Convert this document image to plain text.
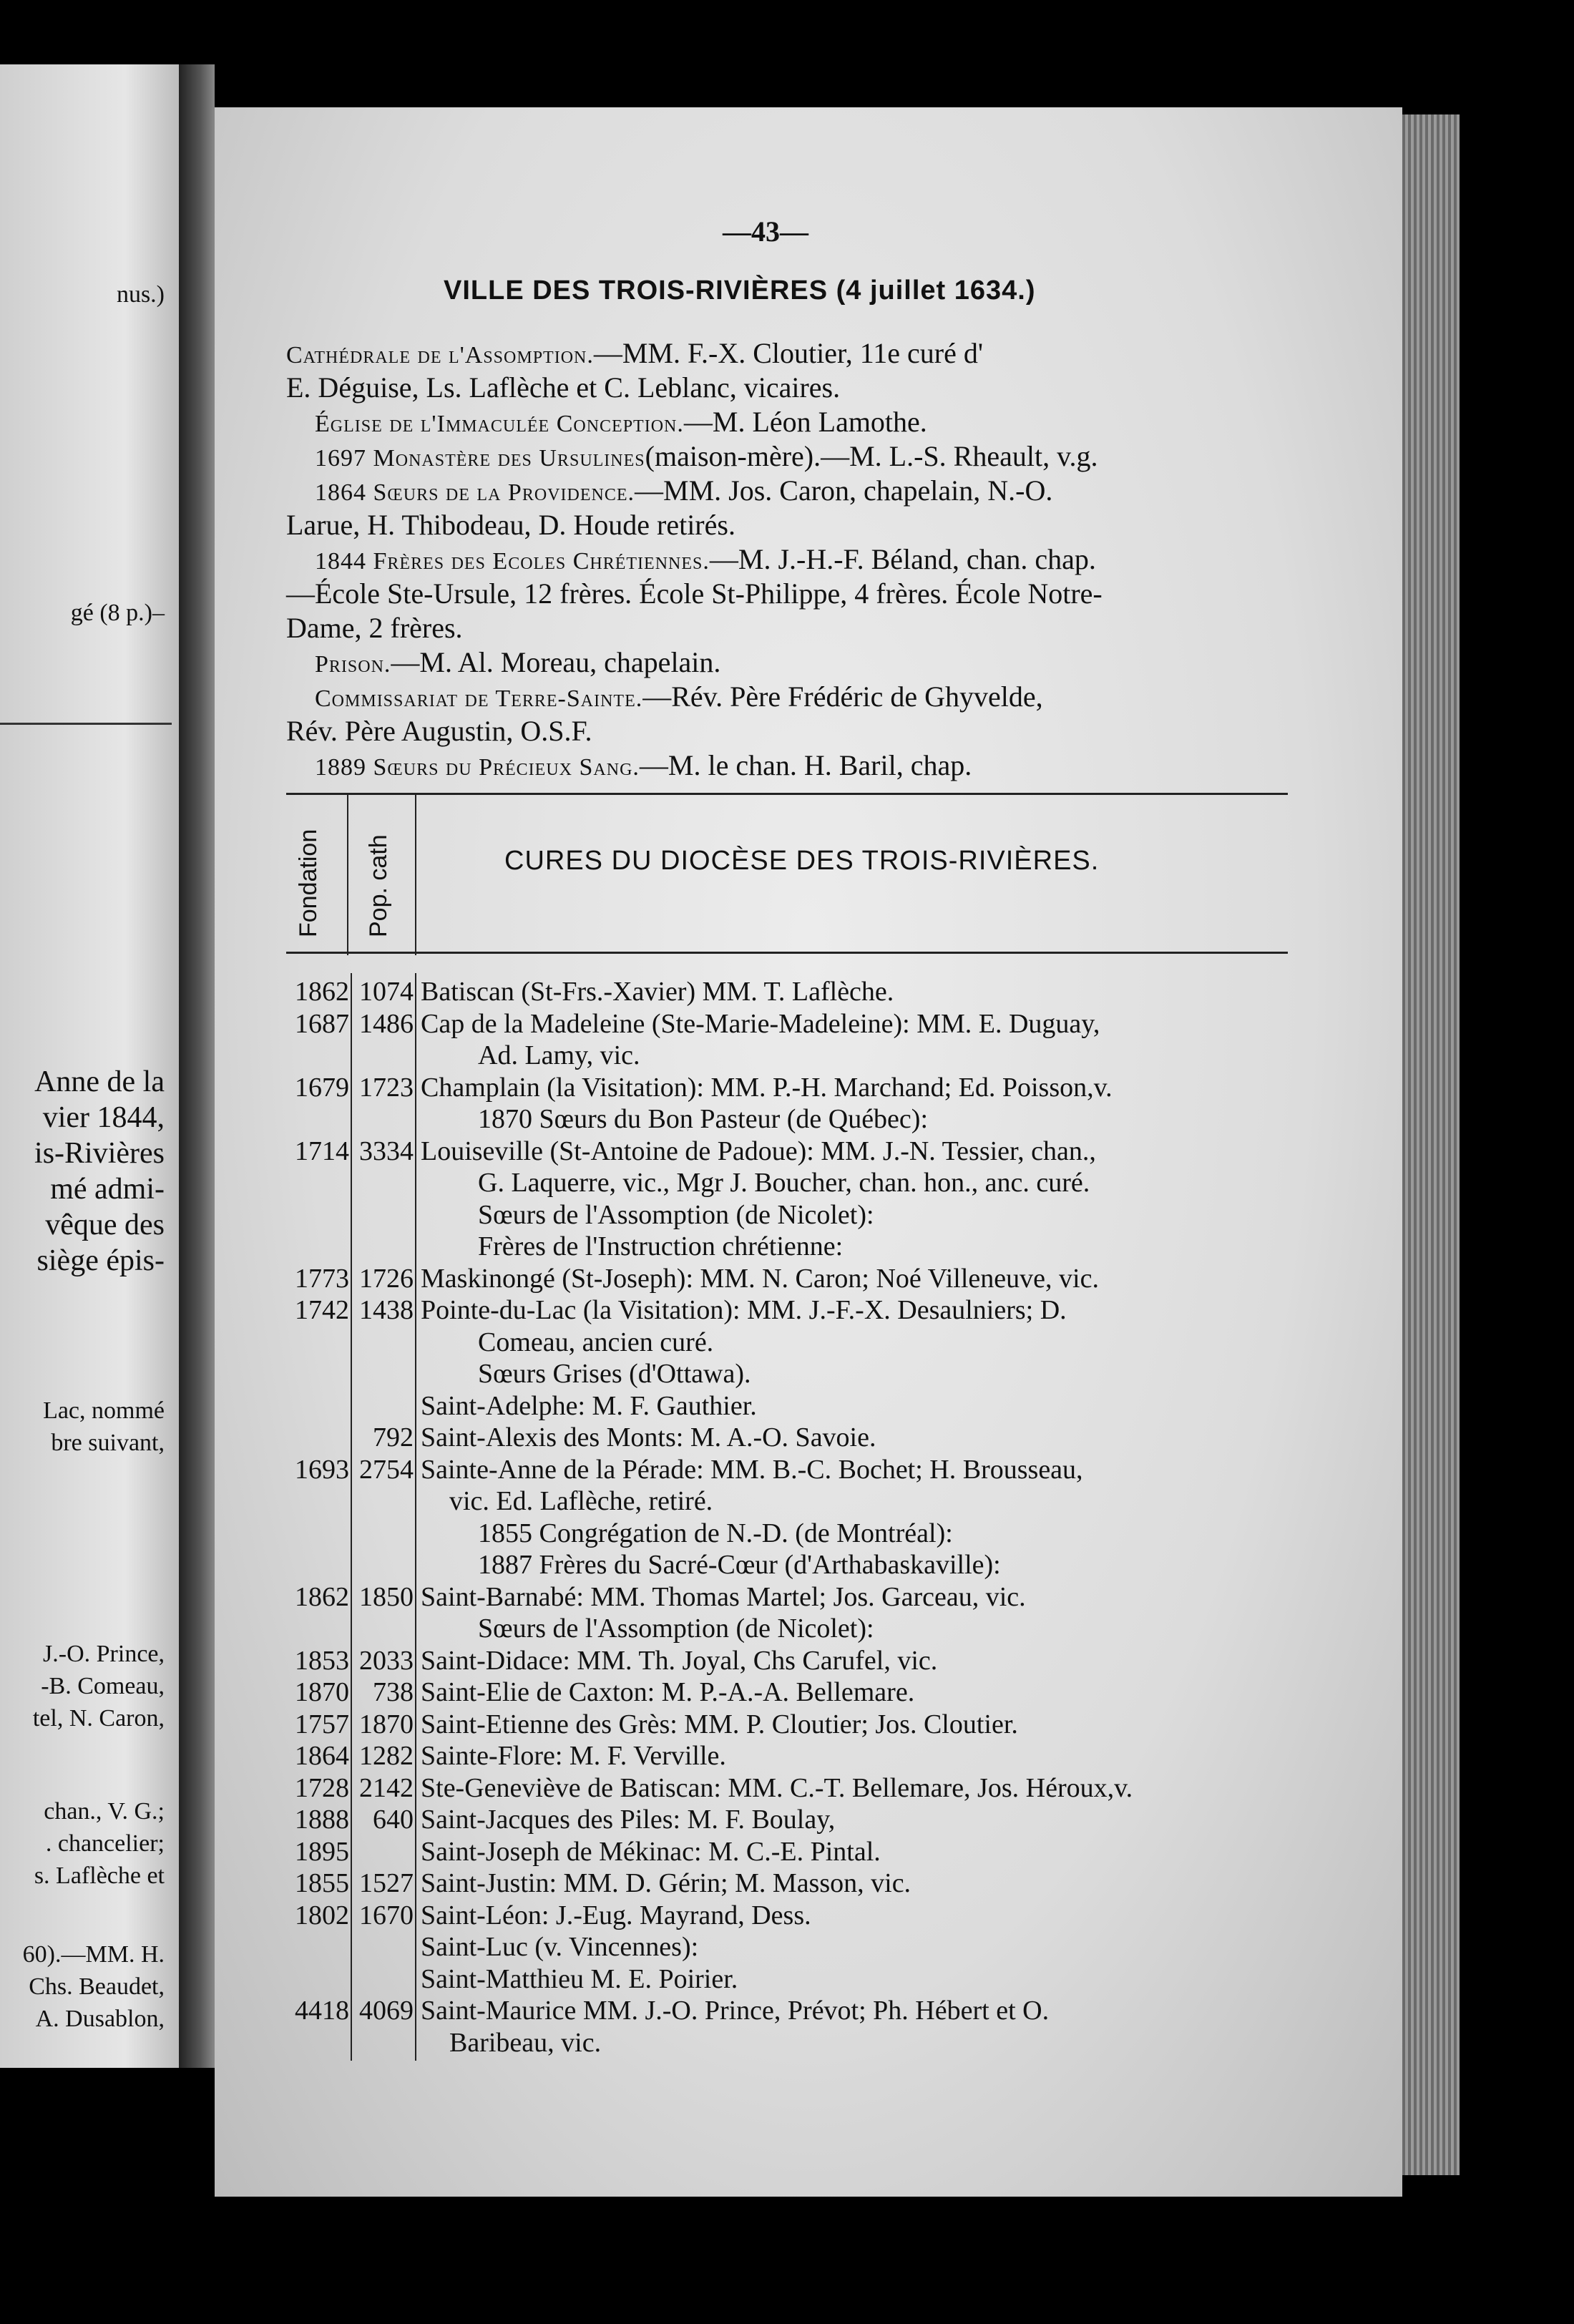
nus.)
gé (8 p.)–
Anne de la
vier 1844,
is-Rivières
mé admi-
vêque des
siège épis-
Lac, nommé
bre suivant,
J.-O. Prince,
-B. Comeau,
tel, N. Caron,
chan., V. G.;
. chancelier;
s. Laflèche et
60).—MM. H.
Chs. Beaudet,
A. Dusablon,
—43—
VILLE DES TROIS-RIVIÈRES (4 juillet 1634.)
Cathédrale de l'Assomption.—MM. F.-X. Cloutier, 11e curé d'
E. Déguise, Ls. Laflèche et C. Leblanc, vicaires.
Église de l'Immaculée Conception.—M. Léon Lamothe.
1697 Monastère des Ursulines(maison-mère).—M. L.-S. Rheault, v.g.
1864 Sœurs de la Providence.—MM. Jos. Caron, chapelain, N.-O.
Larue, H. Thibodeau, D. Houde retirés.
1844 Frères des Ecoles Chrétiennes.—M. J.-H.-F. Béland, chan. chap.
—École Ste-Ursule, 12 frères. École St-Philippe, 4 frères. École Notre-
Dame, 2 frères.
Prison.—M. Al. Moreau, chapelain.
Commissariat de Terre-Sainte.—Rév. Père Frédéric de Ghyvelde,
Rév. Père Augustin, O.S.F.
1889 Sœurs du Précieux Sang.—M. le chan. H. Baril, chap.
Fondation Pop. cath	CURES DU DIOCÈSE DES TROIS-RIVIÈRES.
1862 1074 Batiscan (St-Frs.-Xavier) MM. T. Laflèche.
1687 1486 Cap de la Madeleine (Ste-Marie-Madeleine): MM. E. Duguay,
Ad. Lamy, vic.
1679 1723 Champlain (la Visitation): MM. P.-H. Marchand; Ed. Poisson,v.
1870 Sœurs du Bon Pasteur (de Québec):
1714 3334 Louiseville (St-Antoine de Padoue): MM. J.-N. Tessier, chan.,
G. Laquerre, vic., Mgr J. Boucher, chan. hon., anc. curé.
Sœurs de l'Assomption (de Nicolet):
Frères de l'Instruction chrétienne:
1773 1726 Maskinongé (St-Joseph): MM. N. Caron; Noé Villeneuve, vic.
1742 1438 Pointe-du-Lac (la Visitation): MM. J.-F.-X. Desaulniers; D.
Comeau, ancien curé.
Sœurs Grises (d'Ottawa).
Saint-Adelphe: M. F. Gauthier.
792 Saint-Alexis des Monts: M. A.-O. Savoie.
1693 2754 Sainte-Anne de la Pérade: MM. B.-C. Bochet; H. Brousseau,
vic. Ed. Laflèche, retiré.
1855 Congrégation de N.-D. (de Montréal):
1887 Frères du Sacré-Cœur (d'Arthabaskaville):
1862 1850 Saint-Barnabé: MM. Thomas Martel; Jos. Garceau, vic.
Sœurs de l'Assomption (de Nicolet):
1853 2033 Saint-Didace: MM. Th. Joyal, Chs Carufel, vic.
1870 738 Saint-Elie de Caxton: M. P.-A.-A. Bellemare.
1757 1870 Saint-Etienne des Grès: MM. P. Cloutier; Jos. Cloutier.
1864 1282 Sainte-Flore: M. F. Verville.
1728 2142 Ste-Geneviève de Batiscan: MM. C.-T. Bellemare, Jos. Héroux,v.
1888 640 Saint-Jacques des Piles: M. F. Boulay,
1895	Saint-Joseph de Mékinac: M. C.-E. Pintal.
1855 1527 Saint-Justin: MM. D. Gérin; M. Masson, vic.
1802 1670 Saint-Léon: J.-Eug. Mayrand, Dess.
Saint-Luc (v. Vincennes):
Saint-Matthieu M. E. Poirier.
4418 4069 Saint-Maurice MM. J.-O. Prince, Prévot; Ph. Hébert et O.
Baribeau, vic.
